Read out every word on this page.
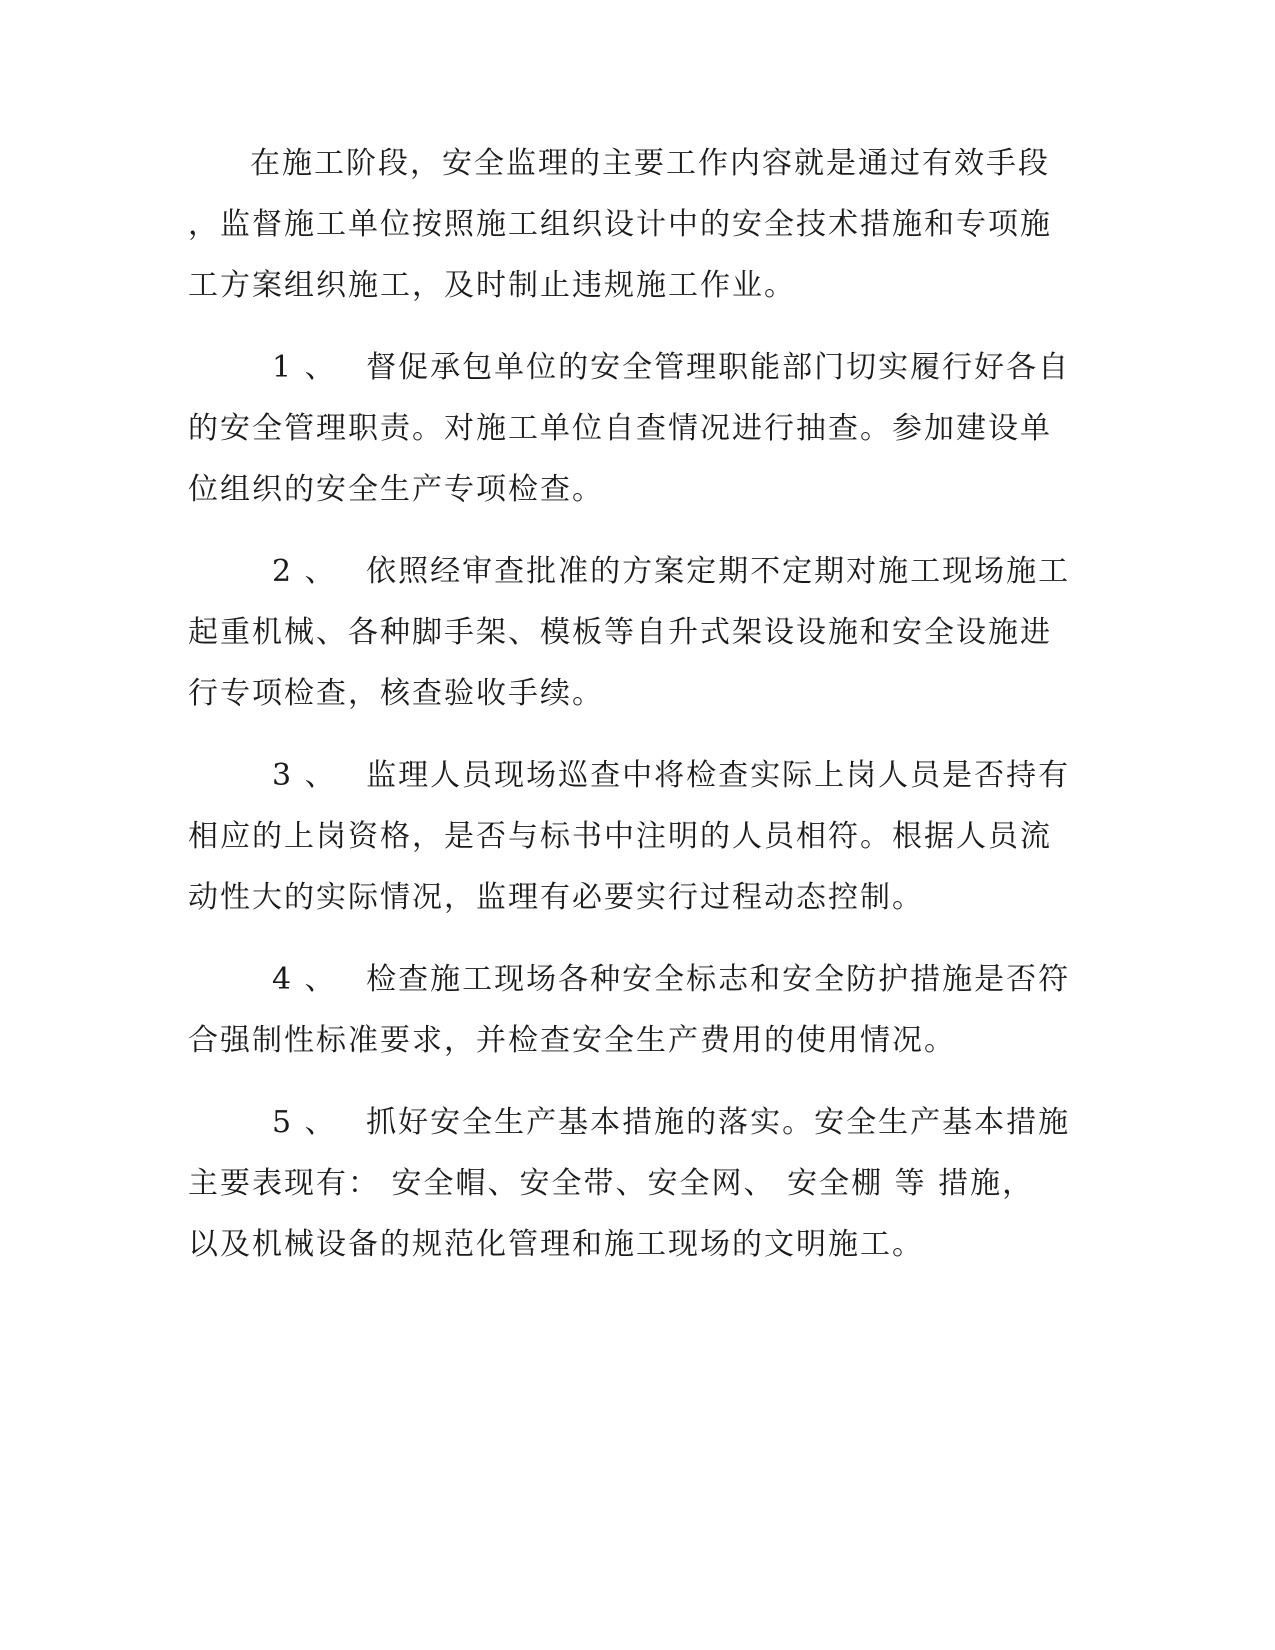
在施工阶段，安全监理的主要工作内容就是通过有效手段
，监督施工单位按照施工组织设计中的安全技术措施和专项施
工方案组织施工，及时制止违规施工作业。
1 、 督促承包单位的安全管理职能部门切实履行好各自
的安全管理职责。对施工单位自查情况进行抽查。参加建设单
位组织的安全生产专项检查。
2 、 依照经审查批准的方案定期不定期对施工现场施工
起重机械、各种脚手架、模板等自升式架设设施和安全设施进
行专项检查，核查验收手续。
3 、 监理人员现场巡查中将检查实际上岗人员是否持有
相应的上岗资格，是否与标书中注明的人员相符。根据人员流
动性大的实际情况，监理有必要实行过程动态控制。
4 、 检查施工现场各种安全标志和安全防护措施是否符
合强制性标准要求，并检查安全生产费用的使用情况。
5 、 抓好安全生产基本措施的落实。安全生产基本措施
主要表现有： 安全帽、安全带、安全网、 安全棚 等 措施，
以及机械设备的规范化管理和施工现场的文明施工。
